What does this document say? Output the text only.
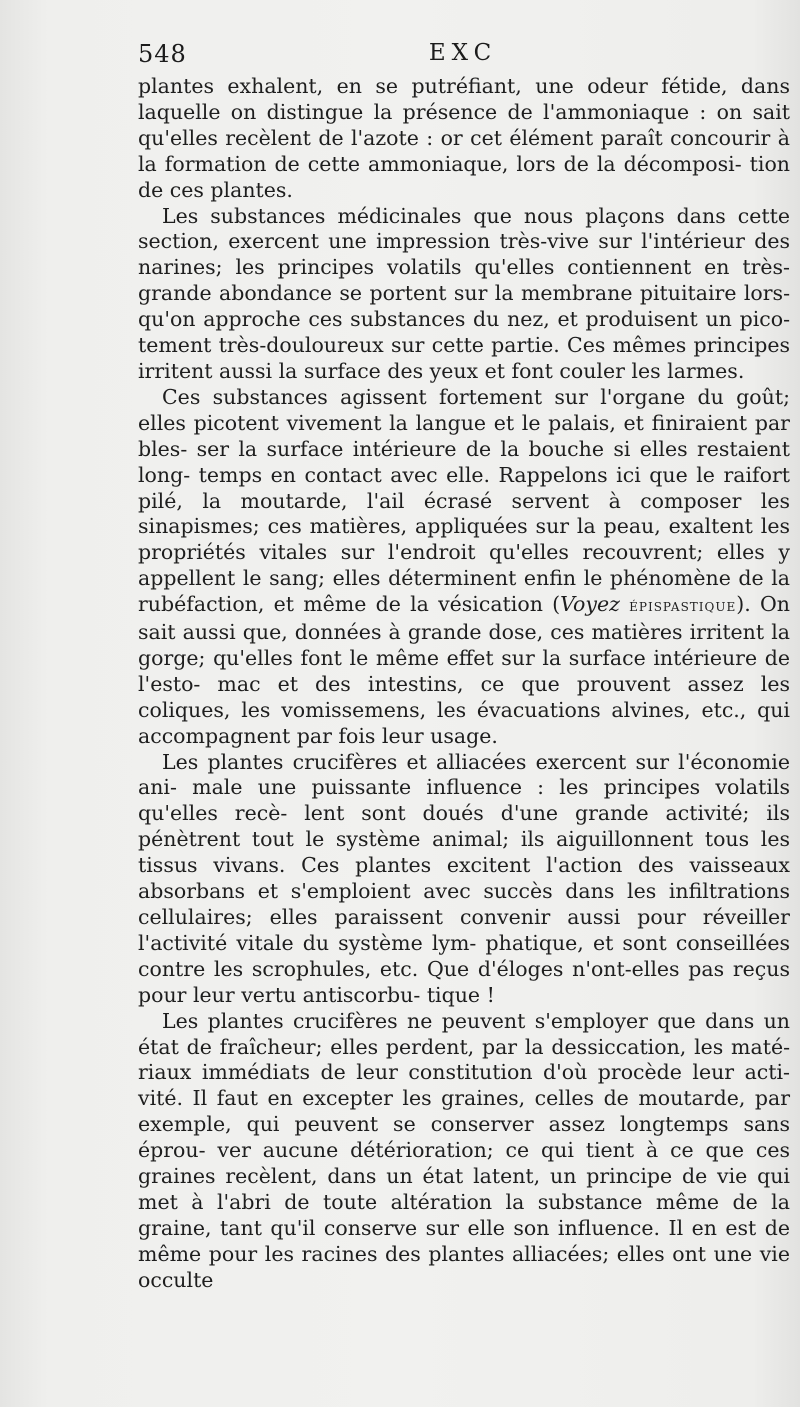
548	EXC

plantes exhalent, en se putréfiant, une odeur fétide, dans laquelle on distingue la présence de l'ammoniaque : on sait qu'elles recèlent de l'azote : or cet élément paraît concourir à la formation de cette ammoniaque, lors de la décomposi- tion de ces plantes.

Les substances médicinales que nous plaçons dans cette section, exercent une impression très-vive sur l'intérieur des narines; les principes volatils qu'elles contiennent en très- grande abondance se portent sur la membrane pituitaire lors- qu'on approche ces substances du nez, et produisent un pico- tement très-douloureux sur cette partie. Ces mêmes principes irritent aussi la surface des yeux et font couler les larmes.

Ces substances agissent fortement sur l'organe du goût; elles picotent vivement la langue et le palais, et finiraient par bles- ser la surface intérieure de la bouche si elles restaient long- temps en contact avec elle. Rappelons ici que le raifort pilé, la moutarde, l'ail écrasé servent à composer les sinapismes; ces matières, appliquées sur la peau, exaltent les propriétés vitales sur l'endroit qu'elles recouvrent; elles y appellent le sang; elles déterminent enfin le phénomène de la rubéfaction, et même de la vésication (Voyez épispastique). On sait aussi que, données à grande dose, ces matières irritent la gorge; qu'elles font le même effet sur la surface intérieure de l'esto- mac et des intestins, ce que prouvent assez les coliques, les vomissemens, les évacuations alvines, etc., qui accompagnent par fois leur usage.

Les plantes crucifères et alliacées exercent sur l'économie ani- male une puissante influence : les principes volatils qu'elles recè- lent sont doués d'une grande activité; ils pénètrent tout le système animal; ils aiguillonnent tous les tissus vivans. Ces plantes excitent l'action des vaisseaux absorbans et s'emploient avec succès dans les infiltrations cellulaires; elles paraissent convenir aussi pour réveiller l'activité vitale du système lym- phatique, et sont conseillées contre les scrophules, etc. Que d'éloges n'ont-elles pas reçus pour leur vertu antiscorbu- tique !

Les plantes crucifères ne peuvent s'employer que dans un état de fraîcheur; elles perdent, par la dessiccation, les maté- riaux immédiats de leur constitution d'où procède leur acti- vité. Il faut en excepter les graines, celles de moutarde, par exemple, qui peuvent se conserver assez longtemps sans éprou- ver aucune détérioration; ce qui tient à ce que ces graines recèlent, dans un état latent, un principe de vie qui met à l'abri de toute altération la substance même de la graine, tant qu'il conserve sur elle son influence. Il en est de même pour les racines des plantes alliacées; elles ont une vie occulte
